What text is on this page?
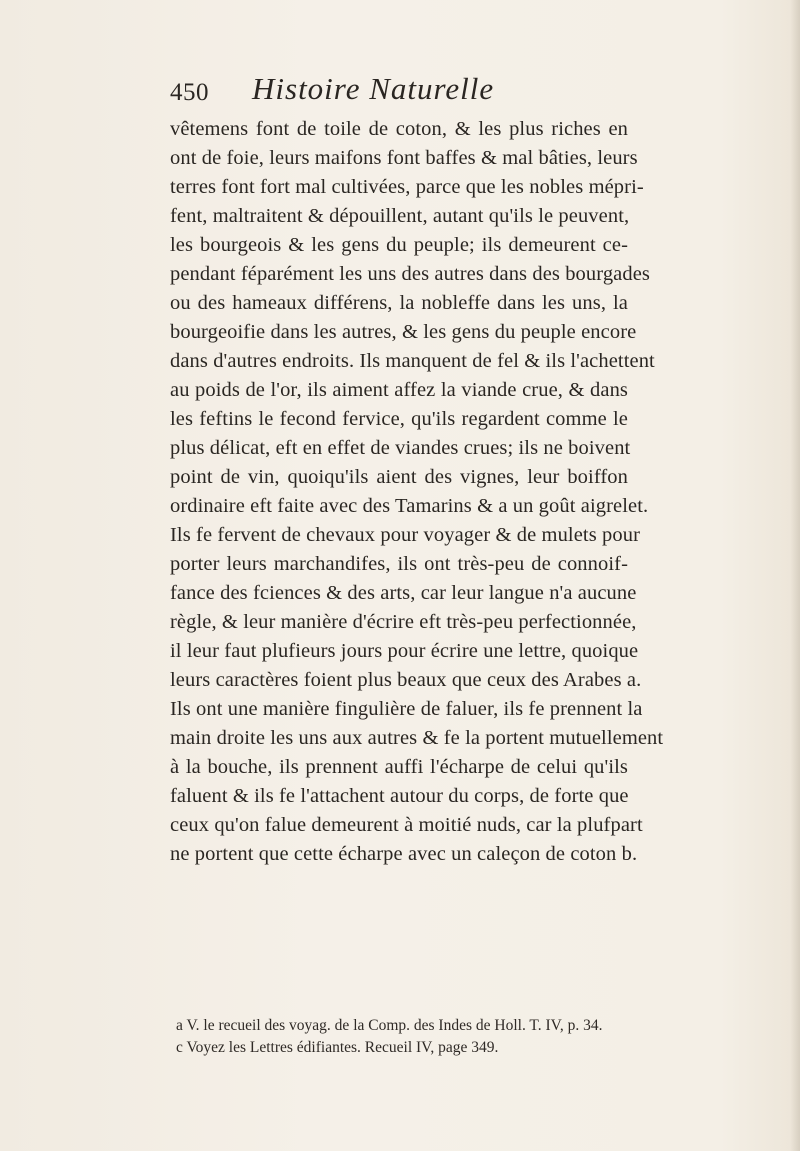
450 Histoire Naturelle
vêtemens font de toile de coton, & les plus riches en
ont de foie, leurs maifons font baffes & mal bâties, leurs
terres font fort mal cultivées, parce que les nobles mépri-
fent, maltraitent & dépouillent, autant qu'ils le peuvent,
les bourgeois & les gens du peuple; ils demeurent ce-
pendant féparément les uns des autres dans des bourgades
ou des hameaux différens, la nobleffe dans les uns, la
bourgeoifie dans les autres, & les gens du peuple encore
dans d'autres endroits. Ils manquent de fel & ils l'achettent
au poids de l'or, ils aiment affez la viande crue, & dans
les feftins le fecond fervice, qu'ils regardent comme le
plus délicat, eft en effet de viandes crues; ils ne boivent
point de vin, quoiqu'ils aient des vignes, leur boiffon
ordinaire eft faite avec des Tamarins & a un goût aigrelet.
Ils fe fervent de chevaux pour voyager & de mulets pour
porter leurs marchandifes, ils ont très-peu de connoif-
fance des fciences & des arts, car leur langue n'a aucune
règle, & leur manière d'écrire eft très-peu perfectionnée,
il leur faut plufieurs jours pour écrire une lettre, quoique
leurs caractères foient plus beaux que ceux des Arabes a.
Ils ont une manière fingulière de faluer, ils fe prennent la
main droite les uns aux autres & fe la portent mutuellement
à la bouche, ils prennent auffi l'écharpe de celui qu'ils
faluent & ils fe l'attachent autour du corps, de forte que
ceux qu'on falue demeurent à moitié nuds, car la plufpart
ne portent que cette écharpe avec un caleçon de coton b.
a V. le recueil des voyag. de la Comp. des Indes de Holl. T. IV, p. 34.
c Voyez les Lettres édifiantes. Recueil IV, page 349.
